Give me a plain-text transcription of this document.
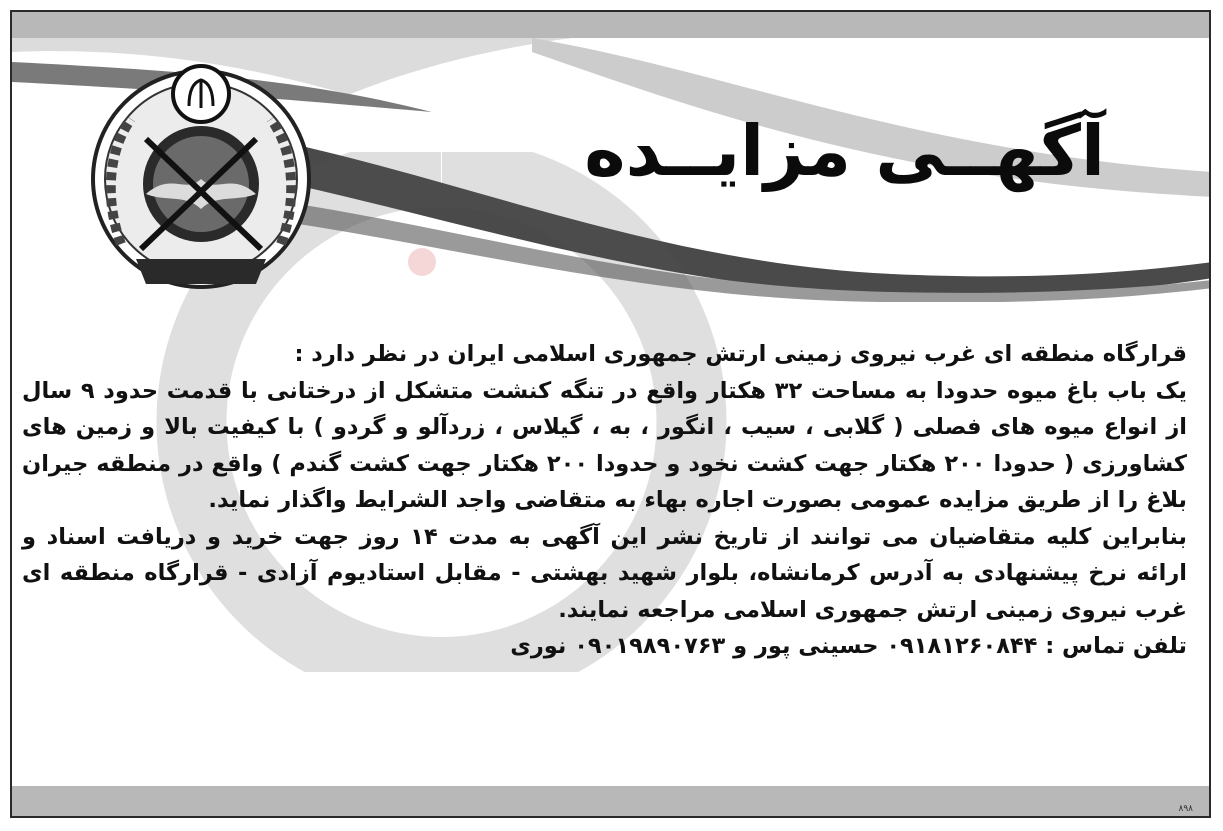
آگهــی مزایــده

قرارگاه منطقه ای غرب نیروی زمینی ارتش جمهوری اسلامی ایران در نظر دارد :

یک باب باغ میوه حدودا به مساحت ۳۲ هکتار واقع در تنگه کنشت متشکل از درختانی با قدمت حدود ۹ سال از انواع میوه های فصلی ( گلابی ، سیب ، انگور ، به ، گیلاس ، زردآلو و گردو ) با کیفیت بالا و زمین های کشاورزی ( حدودا ۲۰۰ هکتار جهت کشت نخود و حدودا ۲۰۰ هکتار جهت کشت گندم ) واقع در منطقه جیران بلاغ را از طریق مزایده عمومی بصورت اجاره بهاء به متقاضی واجد الشرایط واگذار نماید.

بنابراین کلیه متقاضیان می توانند از تاریخ نشر این آگهی به مدت ۱۴ روز جهت خرید و دریافت اسناد و ارائه نرخ پیشنهادی به آدرس کرمانشاه، بلوار شهید بهشتی - مقابل استادیوم آزادی - قرارگاه منطقه ای غرب نیروی زمینی ارتش جمهوری اسلامی مراجعه نمایند.

تلفن تماس : ۰۹۱۸۱۲۶۰۸۴۴ حسینی پور و ۰۹۰۱۹۸۹۰۷۶۳ نوری

۸۹۸
